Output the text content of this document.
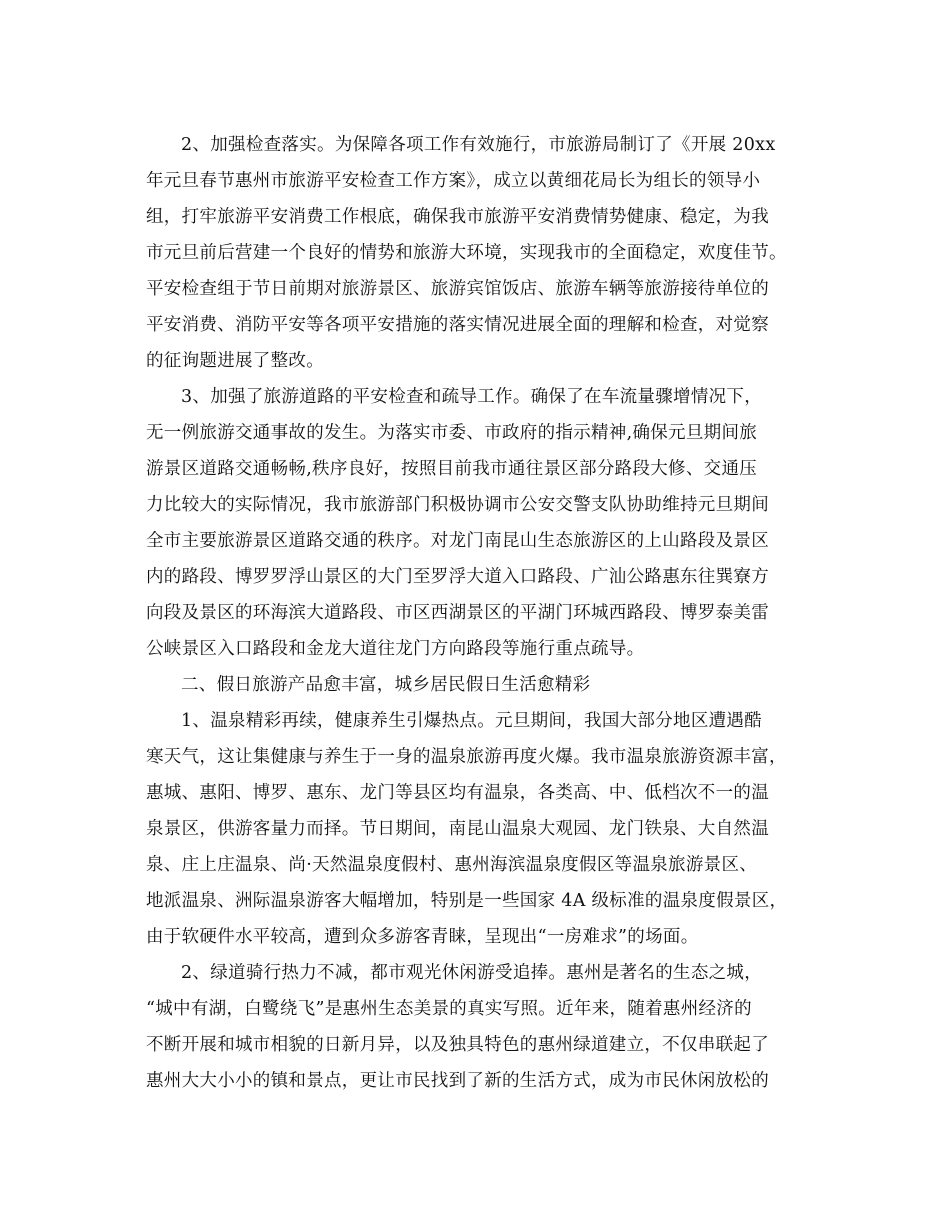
2、加强检查落实。为保障各项工作有效施行，市旅游局制订了《开展 20xx
年元旦春节惠州市旅游平安检查工作方案》，成立以黄细花局长为组长的领导小
组，打牢旅游平安消费工作根底，确保我市旅游平安消费情势健康、稳定，为我
市元旦前后营建一个良好的情势和旅游大环境，实现我市的全面稳定，欢度佳节。
平安检查组于节日前期对旅游景区、旅游宾馆饭店、旅游车辆等旅游接待单位的
平安消费、消防平安等各项平安措施的落实情况进展全面的理解和检查，对觉察
的征询题进展了整改。
3、加强了旅游道路的平安检查和疏导工作。确保了在车流量骤增情况下，
无一例旅游交通事故的发生。为落实市委、市政府的指示精神,确保元旦期间旅
游景区道路交通畅畅,秩序良好，按照目前我市通往景区部分路段大修、交通压
力比较大的实际情况，我市旅游部门积极协调市公安交警支队协助维持元旦期间
全市主要旅游景区道路交通的秩序。对龙门南昆山生态旅游区的上山路段及景区
内的路段、博罗罗浮山景区的大门至罗浮大道入口路段、广汕公路惠东往巽寮方
向段及景区的环海滨大道路段、市区西湖景区的平湖门环城西路段、博罗泰美雷
公峡景区入口路段和金龙大道往龙门方向路段等施行重点疏导。
二、假日旅游产品愈丰富，城乡居民假日生活愈精彩
1、温泉精彩再续，健康养生引爆热点。元旦期间，我国大部分地区遭遇酷
寒天气，这让集健康与养生于一身的温泉旅游再度火爆。我市温泉旅游资源丰富，
惠城、惠阳、博罗、惠东、龙门等县区均有温泉，各类高、中、低档次不一的温
泉景区，供游客量力而择。节日期间，南昆山温泉大观园、龙门铁泉、大自然温
泉、庄上庄温泉、尚·天然温泉度假村、惠州海滨温泉度假区等温泉旅游景区、
地派温泉、洲际温泉游客大幅增加，特别是一些国家 4A 级标准的温泉度假景区，
由于软硬件水平较高，遭到众多游客青睐，呈现出“一房难求”的场面。
2、绿道骑行热力不减，都市观光休闲游受追捧。惠州是著名的生态之城，
“城中有湖，白鹭绕飞”是惠州生态美景的真实写照。近年来，随着惠州经济的
不断开展和城市相貌的日新月异，以及独具特色的惠州绿道建立，不仅串联起了
惠州大大小小的镇和景点，更让市民找到了新的生活方式，成为市民休闲放松的
